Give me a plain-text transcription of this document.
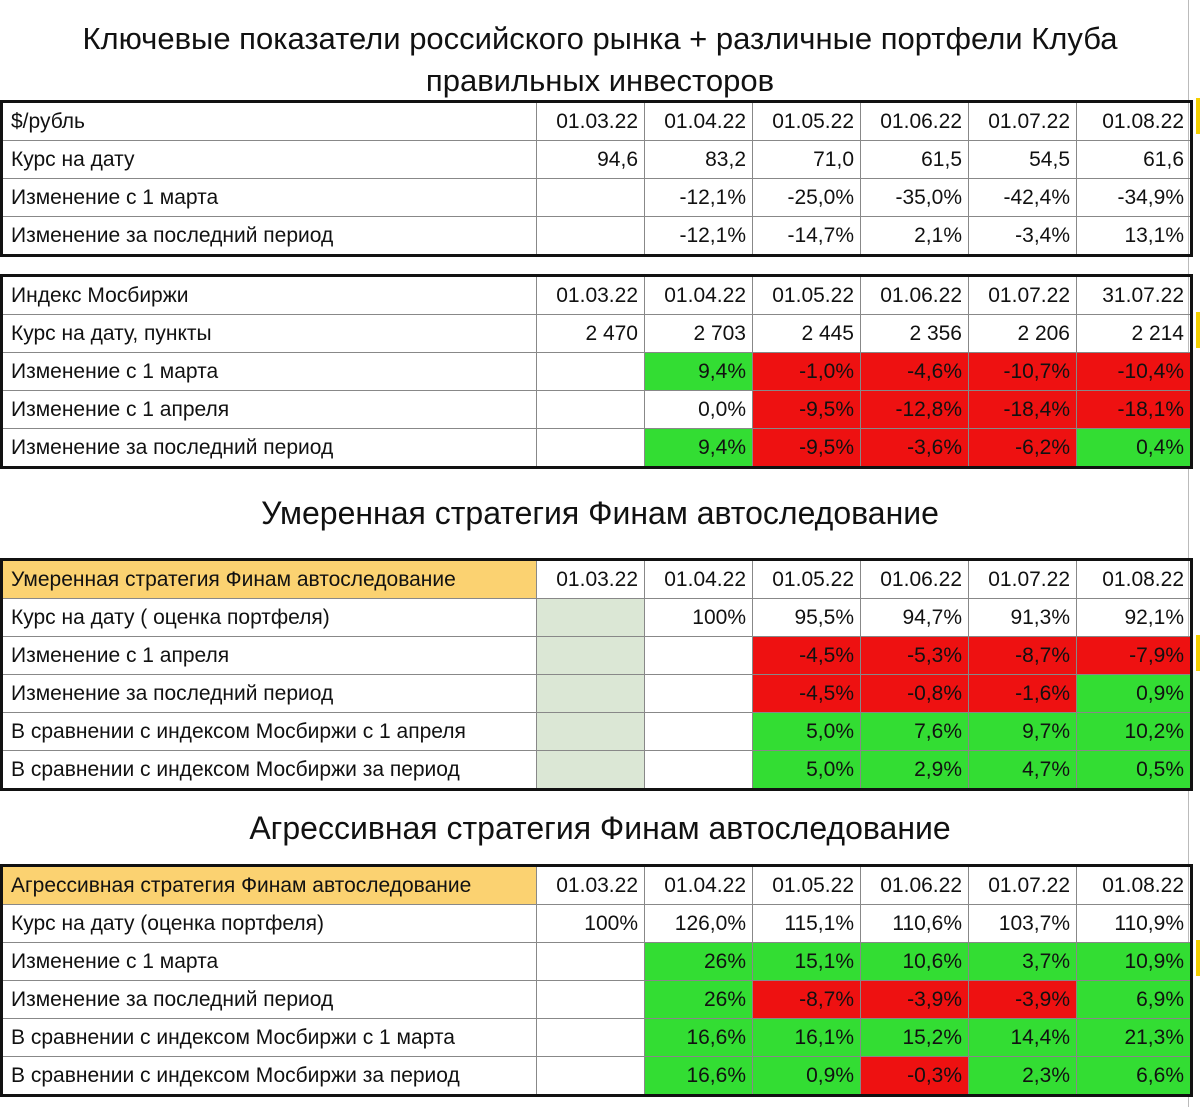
Ключевые показатели российского рынка + различные портфели Клуба правильных инвесторов
$/рубль	01.03.22	01.04.22	01.05.22	01.06.22	01.07.22	01.08.22
Курс на дату	94,6	83,2	71,0	61,5	54,5	61,6
Изменение с 1 марта		-12,1%	-25,0%	-35,0%	-42,4%	-34,9%
Изменение за последний период		-12,1%	-14,7%	2,1%	-3,4%	13,1%
Индекс Мосбиржи	01.03.22	01.04.22	01.05.22	01.06.22	01.07.22	31.07.22
Курс на дату, пункты	2 470	2 703	2 445	2 356	2 206	2 214
Изменение с 1 марта		9,4%	-1,0%	-4,6%	-10,7%	-10,4%
Изменение с 1 апреля		0,0%	-9,5%	-12,8%	-18,4%	-18,1%
Изменение за последний период		9,4%	-9,5%	-3,6%	-6,2%	0,4%
Умеренная стратегия Финам автоследование
Умеренная стратегия Финам автоследование	01.03.22	01.04.22	01.05.22	01.06.22	01.07.22	01.08.22
Курс на дату ( оценка портфеля)		100%	95,5%	94,7%	91,3%	92,1%
Изменение с 1 апреля			-4,5%	-5,3%	-8,7%	-7,9%
Изменение за последний период			-4,5%	-0,8%	-1,6%	0,9%
В сравнении с индексом Мосбиржи с 1 апреля			5,0%	7,6%	9,7%	10,2%
В сравнении с индексом Мосбиржи за период			5,0%	2,9%	4,7%	0,5%
Агрессивная стратегия Финам автоследование
Агрессивная стратегия Финам автоследование	01.03.22	01.04.22	01.05.22	01.06.22	01.07.22	01.08.22
Курс на дату (оценка портфеля)	100%	126,0%	115,1%	110,6%	103,7%	110,9%
Изменение с 1 марта		26%	15,1%	10,6%	3,7%	10,9%
Изменение за последний период		26%	-8,7%	-3,9%	-3,9%	6,9%
В сравнении с индексом Мосбиржи с 1 марта		16,6%	16,1%	15,2%	14,4%	21,3%
В сравнении с индексом Мосбиржи за период		16,6%	0,9%	-0,3%	2,3%	6,6%
